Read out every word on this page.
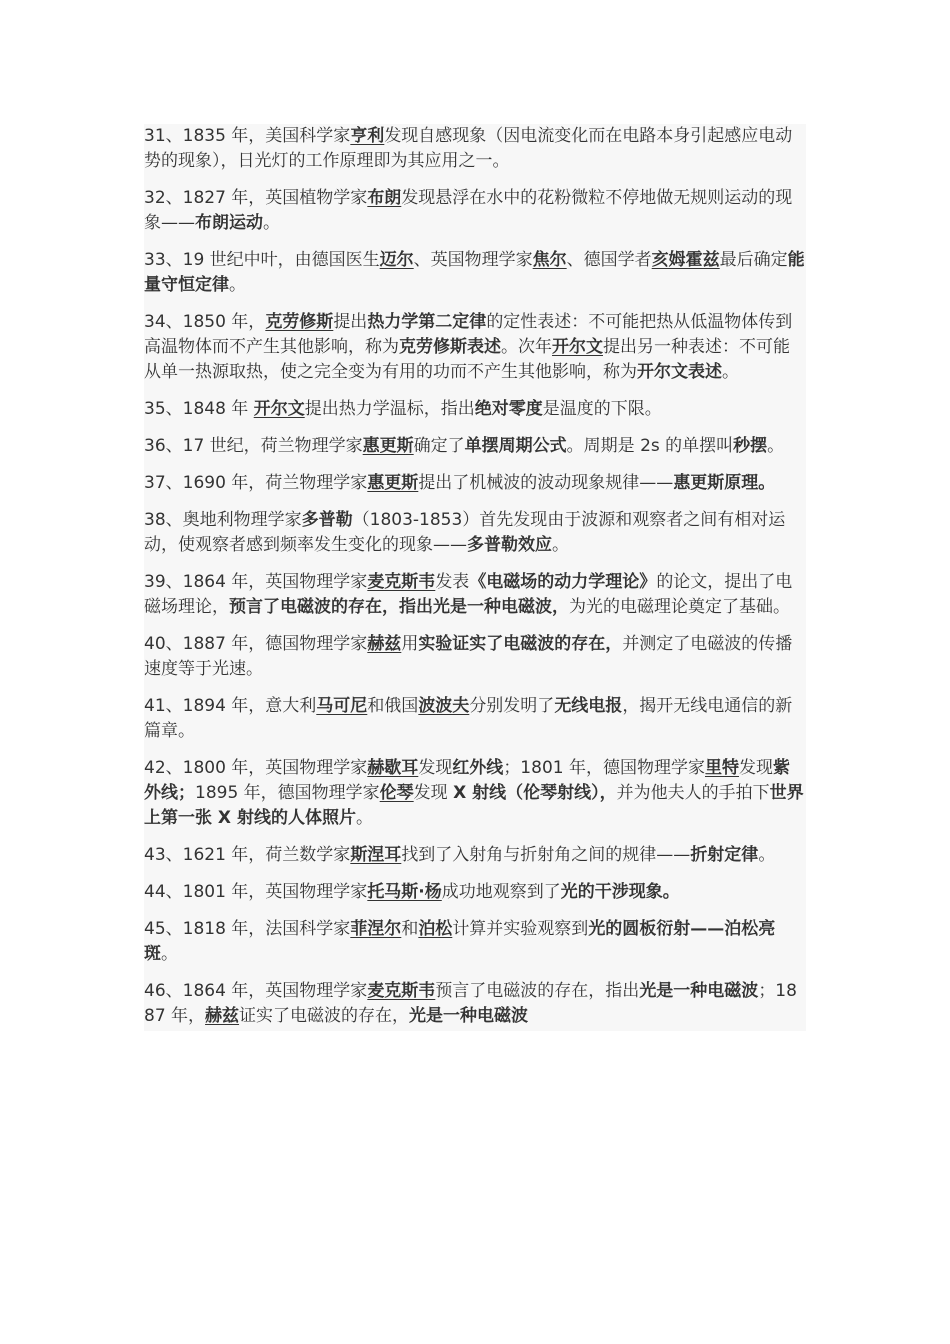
31、1835 年，美国科学家亨利发现自感现象（因电流变化而在电路本身引起感应电动势的现象），日光灯的工作原理即为其应用之一。

32、1827 年，英国植物学家布朗发现悬浮在水中的花粉微粒不停地做无规则运动的现象——布朗运动。

33、19 世纪中叶，由德国医生迈尔、英国物理学家焦尔、德国学者亥姆霍兹最后确定能量守恒定律。

34、1850 年，克劳修斯提出热力学第二定律的定性表述：不可能把热从低温物体传到高温物体而不产生其他影响，称为克劳修斯表述。次年开尔文提出另一种表述：不可能从单一热源取热，使之完全变为有用的功而不产生其他影响，称为开尔文表述。

35、1848 年 开尔文提出热力学温标，指出绝对零度是温度的下限。

36、17 世纪，荷兰物理学家惠更斯确定了单摆周期公式。周期是 2s 的单摆叫秒摆。

37、1690 年，荷兰物理学家惠更斯提出了机械波的波动现象规律——惠更斯原理。

38、奥地利物理学家多普勒（1803-1853）首先发现由于波源和观察者之间有相对运动，使观察者感到频率发生变化的现象——多普勒效应。

39、1864 年，英国物理学家麦克斯韦发表《电磁场的动力学理论》的论文，提出了电磁场理论，预言了电磁波的存在，指出光是一种电磁波，为光的电磁理论奠定了基础。

40、1887 年，德国物理学家赫兹用实验证实了电磁波的存在，并测定了电磁波的传播速度等于光速。

41、1894 年，意大利马可尼和俄国波波夫分别发明了无线电报，揭开无线电通信的新篇章。

42、1800 年，英国物理学家赫歇耳发现红外线；1801 年，德国物理学家里特发现紫外线；1895 年，德国物理学家伦琴发现 X 射线（伦琴射线），并为他夫人的手拍下世界上第一张 X 射线的人体照片。

43、1621 年，荷兰数学家斯涅耳找到了入射角与折射角之间的规律——折射定律。

44、1801 年，英国物理学家托马斯·杨成功地观察到了光的干涉现象。

45、1818 年，法国科学家菲涅尔和泊松计算并实验观察到光的圆板衍射——泊松亮斑。

46、1864 年，英国物理学家麦克斯韦预言了电磁波的存在，指出光是一种电磁波；1887 年，赫兹证实了电磁波的存在，光是一种电磁波
